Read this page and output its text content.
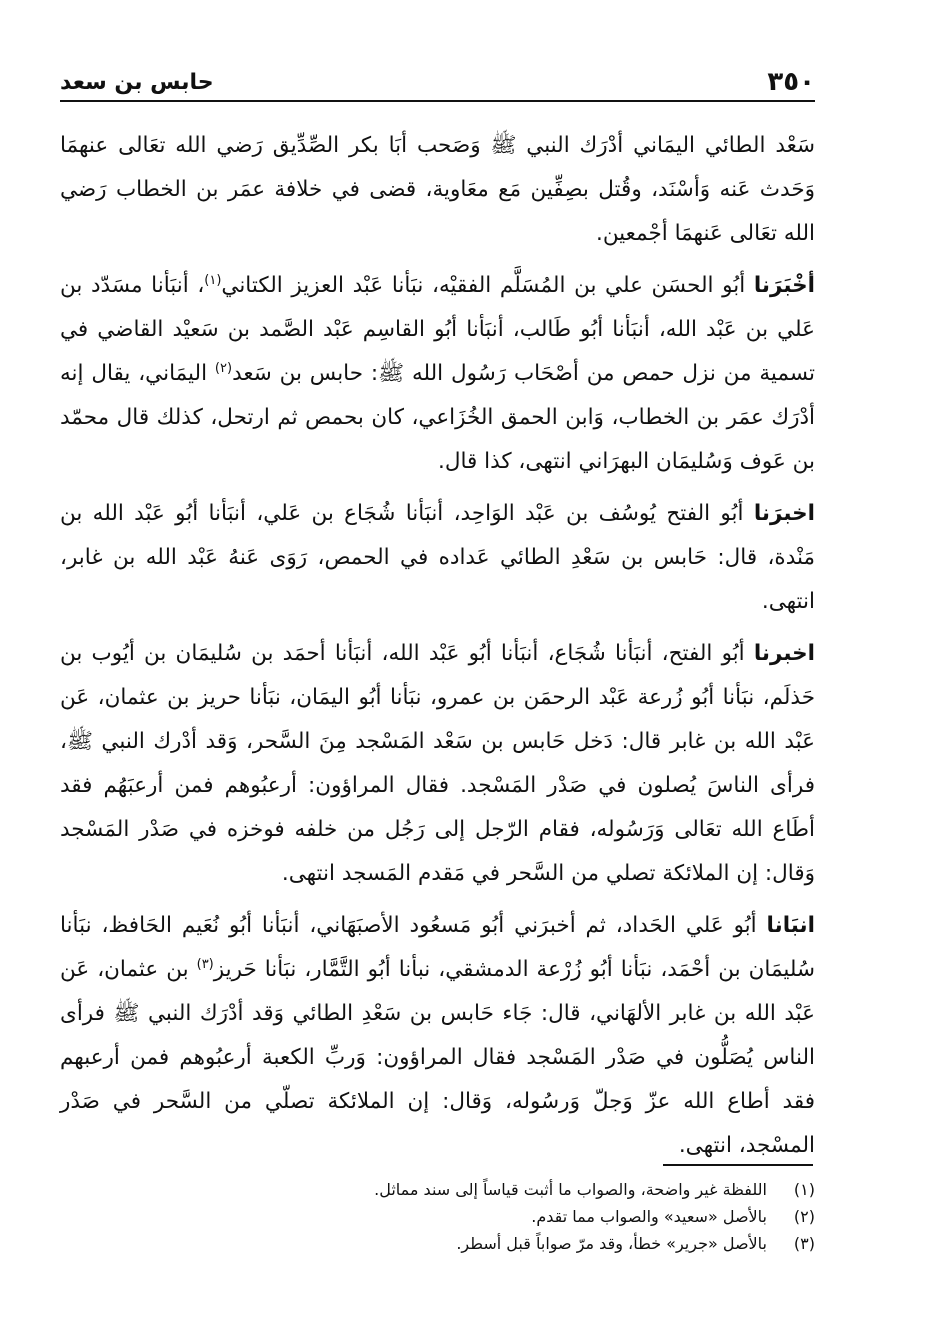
٣٥٠
حابس بن سعد

سَعْد الطائي اليمَاني أدْرَك النبي ﷺ وَصَحب أبَا بكر الصِّدِّيق رَضي الله تعَالى عنهمَا وَحَدث عَنه وَأسْنَد، وقُتل بصِفِّين مَع معَاوية، قضى في خلافة عمَر بن الخطاب رَضي الله تعَالى عَنهمَا أجْمعين.

أخْبَرَنا أبُو الحسَن علي بن المُسَلَّم الفقيْه، نبَأنا عَبْد العزيز الكتاني$^{(١)}$، أنبَأنا مسَدّد بن عَلي بن عَبْد الله، أنبَأنا أبُو طَالب، أنبَأنا أبُو القاسِم عَبْد الصَّمد بن سَعيْد القاضي في تسمية من نزل حمص من أصْحَاب رَسُول الله ﷺ: حابس بن سَعد$^{(٢)}$ اليمَاني، يقال إنه أدْرَك عمَر بن الخطاب، وَابن الحمق الخُزَاعي، كان بحمص ثم ارتحل، كذلك قال محمّد بن عَوف وَسُليمَان البهرَاني انتهى، كذا قال.

اخبرَنا أبُو الفتح يُوسُف بن عَبْد الوَاحِد، أنبَأنا شُجَاع بن عَلي، أنبَأنا أبُو عَبْد الله بن مَنْدة، قال: حَابس بن سَعْدِ الطائي عَداده في الحمص، رَوَى عَنهُ عَبْد الله بن غابر، انتهى.

اخبرنا أبُو الفتح، أنبَأنا شُجَاع، أنبَأنا أبُو عَبْد الله، أنبَأنا أحمَد بن سُليمَان بن أيُوب بن حَذلَم، نبَأنا أبُو زُرعة عَبْد الرحمَن بن عمرو، نبَأنا أبُو اليمَان، نبَأنا حريز بن عثمان، عَن عَبْد الله بن غابر قال: دَخل حَابس بن سَعْد المَسْجد مِنَ السَّحر، وَقد أدْرك النبي ﷺ، فرأى الناسَ يُصلون في صَدْر المَسْجد. فقال المراؤون: أرعبُوهم فمن أرعبَهُم فقد أطَاع الله تعَالى وَرَسُوله، فقام الرّجل إلى رَجُل من خلفه فوخزه في صَدْر المَسْجد وَقال: إن الملائكة تصلي من السَّحر في مَقدم المَسجد انتهى.

انبَانا أبُو عَلي الحَداد، ثم أخبرَني أبُو مَسعُود الأصبَهَاني، أنبَأنا أبُو نُعَيم الحَافظ، نبَأنا سُليمَان بن أحْمَد، نبَأنا أبُو زُرْعة الدمشقي، نبأنا أبُو التَّمَّار، نبَأنا حَريز$^{(٣)}$ بن عثمان، عَن عَبْد الله بن غابر الألهَاني، قال: جَاء حَابس بن سَعْدِ الطائي وَقد أدْرَك النبي ﷺ فرأى الناس يُصَلُّون في صَدْر المَسْجد فقال المراؤون: وَربِّ الكعبة أرعبُوهم فمن أرعبهم فقد أطاع الله عزّ وَجلّ وَرسُوله، وَقال: إن الملائكة تصلّي من السَّحر في صَدْر المسْجد، انتهى.

(١)
اللفظة غير واضحة، والصواب ما أثبت قياساً إلى سند مماثل.

(٢)
بالأصل «سعيد» والصواب مما تقدم.

(٣)
بالأصل «جرير» خطأ، وقد مرّ صواباً قبل أسطر.
